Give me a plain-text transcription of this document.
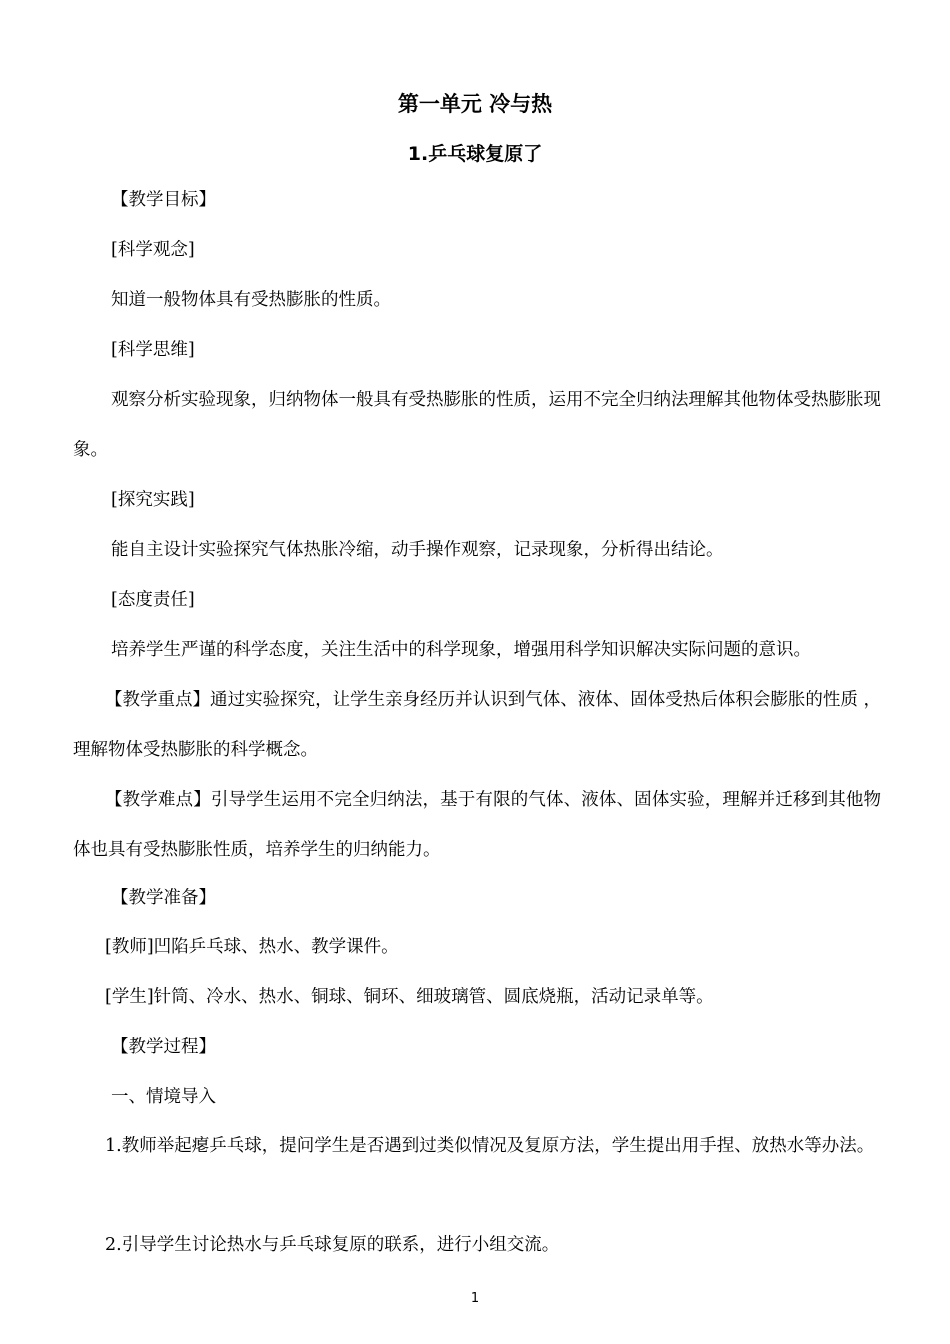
第一单元 冷与热
1.乒乓球复原了

【教学目标】

[科学观念]

知道一般物体具有受热膨胀的性质。

[科学思维]

观察分析实验现象，归纳物体一般具有受热膨胀的性质，运用不完全归纳法理解其他物体受热膨胀现象。

[探究实践]

能自主设计实验探究气体热胀冷缩，动手操作观察，记录现象，分析得出结论。

[态度责任]

培养学生严谨的科学态度，关注生活中的科学现象，增强用科学知识解决实际问题的意识。

【教学重点】通过实验探究，让学生亲身经历并认识到气体、液体、固体受热后体积会膨胀的性质 ，理解物体受热膨胀的科学概念。

【教学难点】引导学生运用不完全归纳法，基于有限的气体、液体、固体实验，理解并迁移到其他物体也具有受热膨胀性质，培养学生的归纳能力。

【教学准备】

[教师]凹陷乒乓球、热水、教学课件。

[学生]针筒、冷水、热水、铜球、铜环、细玻璃管、圆底烧瓶，活动记录单等。

【教学过程】

一、情境导入

1.教师举起瘪乒乓球，提问学生是否遇到过类似情况及复原方法，学生提出用手捏、放热水等办法。

2.引导学生讨论热水与乒乓球复原的联系，进行小组交流。

1
